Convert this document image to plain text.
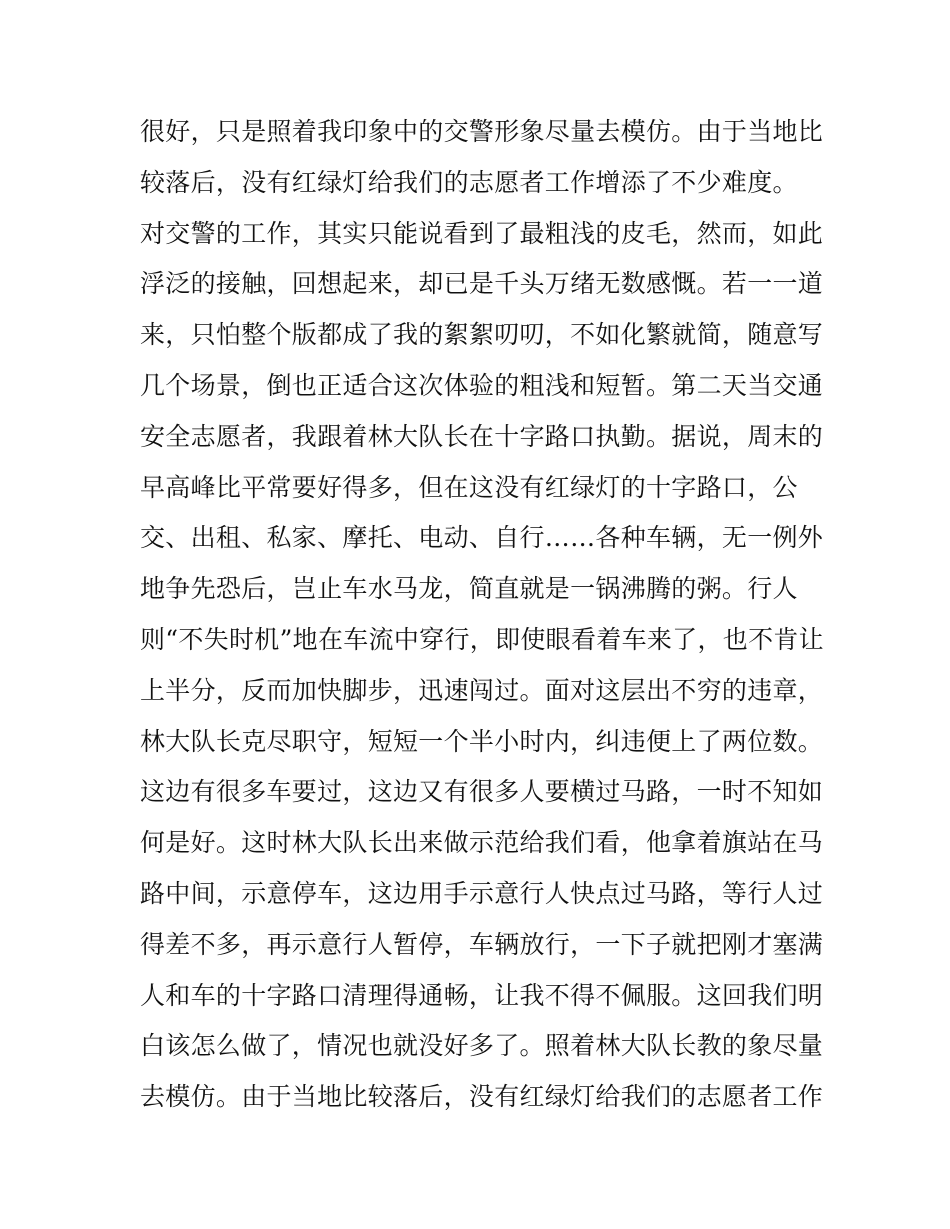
很好，只是照着我印象中的交警形象尽量去模仿。由于当地比
较落后，没有红绿灯给我们的志愿者工作增添了不少难度。
对交警的工作，其实只能说看到了最粗浅的皮毛，然而，如此
浮泛的接触，回想起来，却已是千头万绪无数感慨。若一一道
来，只怕整个版都成了我的絮絮叨叨，不如化繁就简，随意写
几个场景，倒也正适合这次体验的粗浅和短暂。第二天当交通
安全志愿者，我跟着林大队长在十字路口执勤。据说，周末的
早高峰比平常要好得多，但在这没有红绿灯的十字路口，公
交、出租、私家、摩托、电动、自行……各种车辆，无一例外
地争先恐后，岂止车水马龙，简直就是一锅沸腾的粥。行人
则“不失时机”地在车流中穿行，即使眼看着车来了，也不肯让
上半分，反而加快脚步，迅速闯过。面对这层出不穷的违章，
林大队长克尽职守，短短一个半小时内，纠违便上了两位数。
这边有很多车要过，这边又有很多人要横过马路，一时不知如
何是好。这时林大队长出来做示范给我们看，他拿着旗站在马
路中间，示意停车，这边用手示意行人快点过马路，等行人过
得差不多，再示意行人暂停，车辆放行，一下子就把刚才塞满
人和车的十字路口清理得通畅，让我不得不佩服。这回我们明
白该怎么做了，情况也就没好多了。照着林大队长教的象尽量
去模仿。由于当地比较落后，没有红绿灯给我们的志愿者工作
